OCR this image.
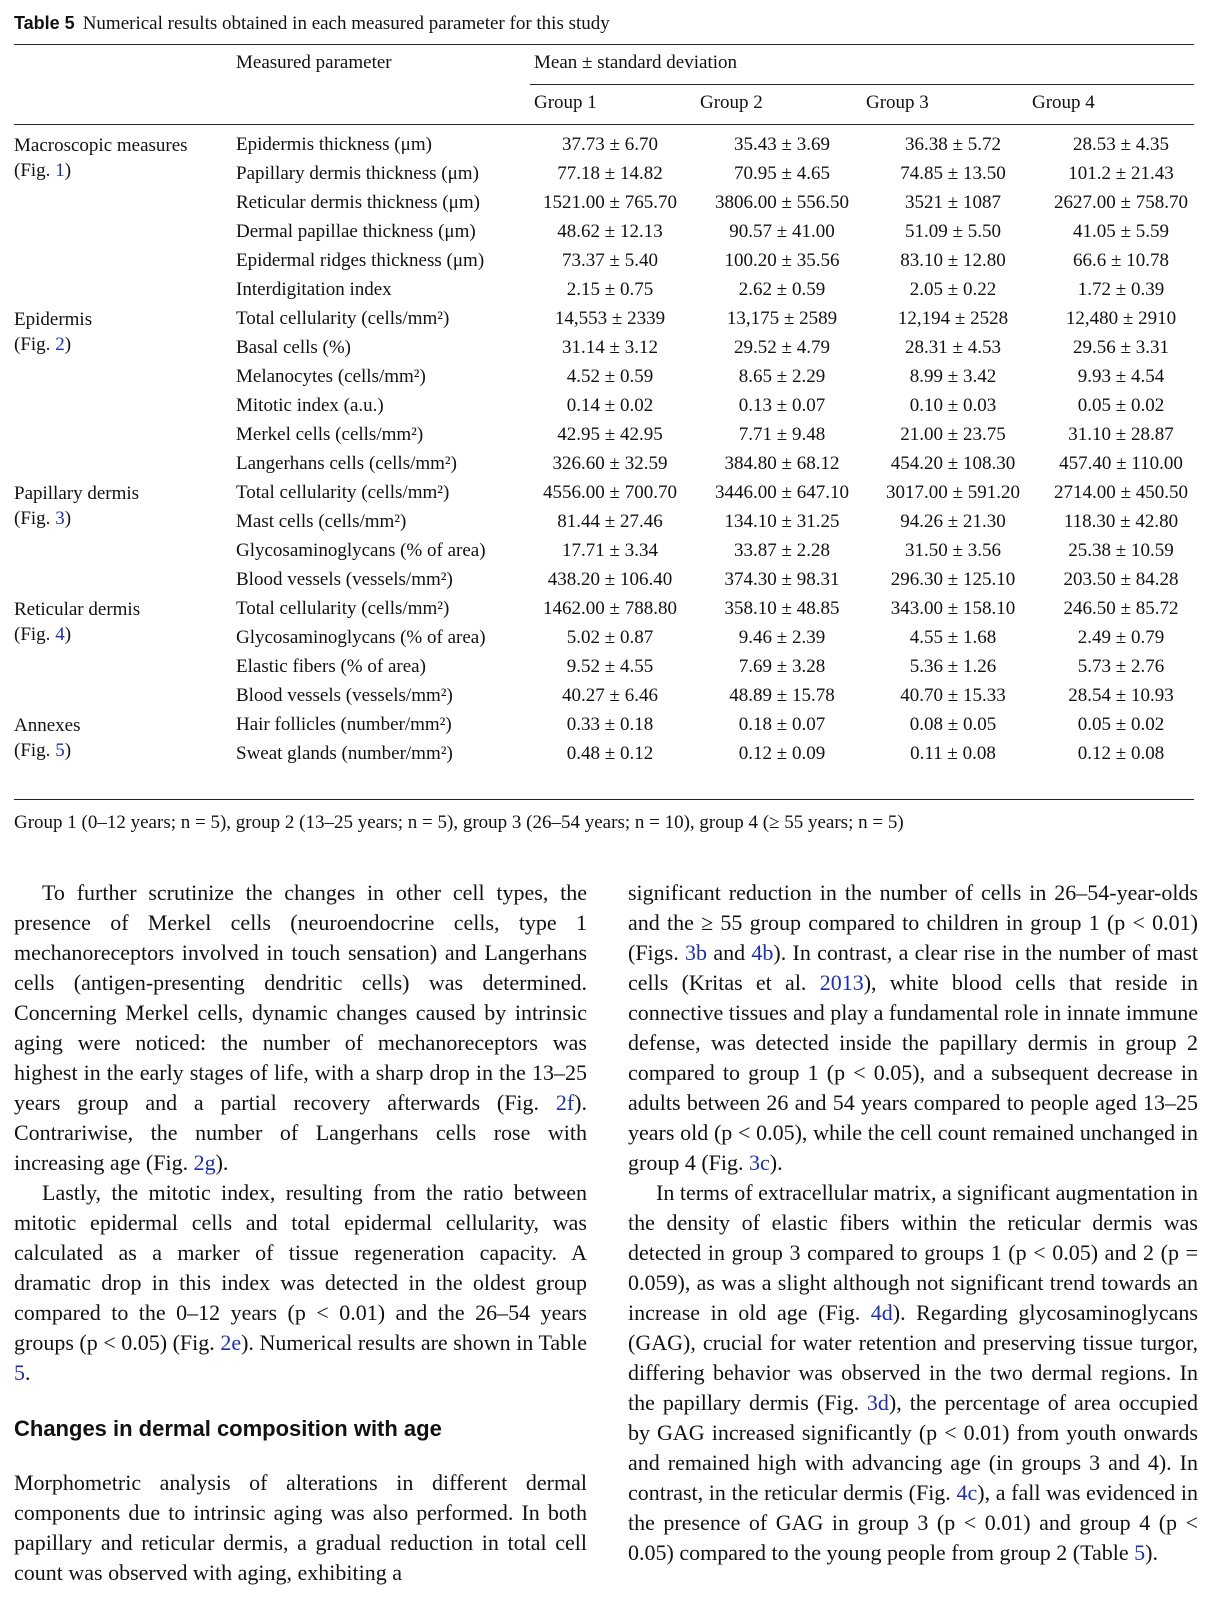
Table 5 Numerical results obtained in each measured parameter for this study
Measured parameter	Mean ± standard deviation
Group 1	Group 2	Group 3	Group 4
Macroscopic measures
(Fig. 1)
Epidermis thickness (μm)	37.73 ± 6.70	35.43 ± 3.69	36.38 ± 5.72	28.53 ± 4.35
Papillary dermis thickness (μm)	77.18 ± 14.82	70.95 ± 4.65	74.85 ± 13.50	101.2 ± 21.43
Reticular dermis thickness (μm)	1521.00 ± 765.70	3806.00 ± 556.50	3521 ± 1087	2627.00 ± 758.70
Dermal papillae thickness (μm)	48.62 ± 12.13	90.57 ± 41.00	51.09 ± 5.50	41.05 ± 5.59
Epidermal ridges thickness (μm)	73.37 ± 5.40	100.20 ± 35.56	83.10 ± 12.80	66.6 ± 10.78
Interdigitation index	2.15 ± 0.75	2.62 ± 0.59	2.05 ± 0.22	1.72 ± 0.39
Epidermis
(Fig. 2)
Total cellularity (cells/mm²)	14,553 ± 2339	13,175 ± 2589	12,194 ± 2528	12,480 ± 2910
Basal cells (%)	31.14 ± 3.12	29.52 ± 4.79	28.31 ± 4.53	29.56 ± 3.31
Melanocytes (cells/mm²)	4.52 ± 0.59	8.65 ± 2.29	8.99 ± 3.42	9.93 ± 4.54
Mitotic index (a.u.)	0.14 ± 0.02	0.13 ± 0.07	0.10 ± 0.03	0.05 ± 0.02
Merkel cells (cells/mm²)	42.95 ± 42.95	7.71 ± 9.48	21.00 ± 23.75	31.10 ± 28.87
Langerhans cells (cells/mm²)	326.60 ± 32.59	384.80 ± 68.12	454.20 ± 108.30	457.40 ± 110.00
Papillary dermis
(Fig. 3)
Total cellularity (cells/mm²)	4556.00 ± 700.70	3446.00 ± 647.10	3017.00 ± 591.20	2714.00 ± 450.50
Mast cells (cells/mm²)	81.44 ± 27.46	134.10 ± 31.25	94.26 ± 21.30	118.30 ± 42.80
Glycosaminoglycans (% of area)	17.71 ± 3.34	33.87 ± 2.28	31.50 ± 3.56	25.38 ± 10.59
Blood vessels (vessels/mm²)	438.20 ± 106.40	374.30 ± 98.31	296.30 ± 125.10	203.50 ± 84.28
Reticular dermis
(Fig. 4)
Total cellularity (cells/mm²)	1462.00 ± 788.80	358.10 ± 48.85	343.00 ± 158.10	246.50 ± 85.72
Glycosaminoglycans (% of area)	5.02 ± 0.87	9.46 ± 2.39	4.55 ± 1.68	2.49 ± 0.79
Elastic fibers (% of area)	9.52 ± 4.55	7.69 ± 3.28	5.36 ± 1.26	5.73 ± 2.76
Blood vessels (vessels/mm²)	40.27 ± 6.46	48.89 ± 15.78	40.70 ± 15.33	28.54 ± 10.93
Annexes
(Fig. 5)
Hair follicles (number/mm²)	0.33 ± 0.18	0.18 ± 0.07	0.08 ± 0.05	0.05 ± 0.02
Sweat glands (number/mm²)	0.48 ± 0.12	0.12 ± 0.09	0.11 ± 0.08	0.12 ± 0.08
Group 1 (0–12 years; n = 5), group 2 (13–25 years; n = 5), group 3 (26–54 years; n = 10), group 4 (≥ 55 years; n = 5)

To further scrutinize the changes in other cell types, the presence of Merkel cells (neuroendocrine cells, type 1 mechanoreceptors involved in touch sensation) and Langerhans cells (antigen-presenting dendritic cells) was determined. Concerning Merkel cells, dynamic changes caused by intrinsic aging were noticed: the number of mechanoreceptors was highest in the early stages of life, with a sharp drop in the 13–25 years group and a partial recovery afterwards (Fig. 2f). Contrariwise, the number of Langerhans cells rose with increasing age (Fig. 2g).

Lastly, the mitotic index, resulting from the ratio between mitotic epidermal cells and total epidermal cellularity, was calculated as a marker of tissue regeneration capacity. A dramatic drop in this index was detected in the oldest group compared to the 0–12 years (p < 0.01) and the 26–54 years groups (p < 0.05) (Fig. 2e). Numerical results are shown in Table 5.

Changes in dermal composition with age

Morphometric analysis of alterations in different dermal components due to intrinsic aging was also performed. In both papillary and reticular dermis, a gradual reduction in total cell count was observed with aging, exhibiting a

significant reduction in the number of cells in 26–54-year-olds and the ≥ 55 group compared to children in group 1 (p < 0.01) (Figs. 3b and 4b). In contrast, a clear rise in the number of mast cells (Kritas et al. 2013), white blood cells that reside in connective tissues and play a fundamental role in innate immune defense, was detected inside the papillary dermis in group 2 compared to group 1 (p < 0.05), and a subsequent decrease in adults between 26 and 54 years compared to people aged 13–25 years old (p < 0.05), while the cell count remained unchanged in group 4 (Fig. 3c).

In terms of extracellular matrix, a significant augmentation in the density of elastic fibers within the reticular dermis was detected in group 3 compared to groups 1 (p < 0.05) and 2 (p = 0.059), as was a slight although not significant trend towards an increase in old age (Fig. 4d). Regarding glycosaminoglycans (GAG), crucial for water retention and preserving tissue turgor, differing behavior was observed in the two dermal regions. In the papillary dermis (Fig. 3d), the percentage of area occupied by GAG increased significantly (p < 0.01) from youth onwards and remained high with advancing age (in groups 3 and 4). In contrast, in the reticular dermis (Fig. 4c), a fall was evidenced in the presence of GAG in group 3 (p < 0.01) and group 4 (p < 0.05) compared to the young people from group 2 (Table 5).
